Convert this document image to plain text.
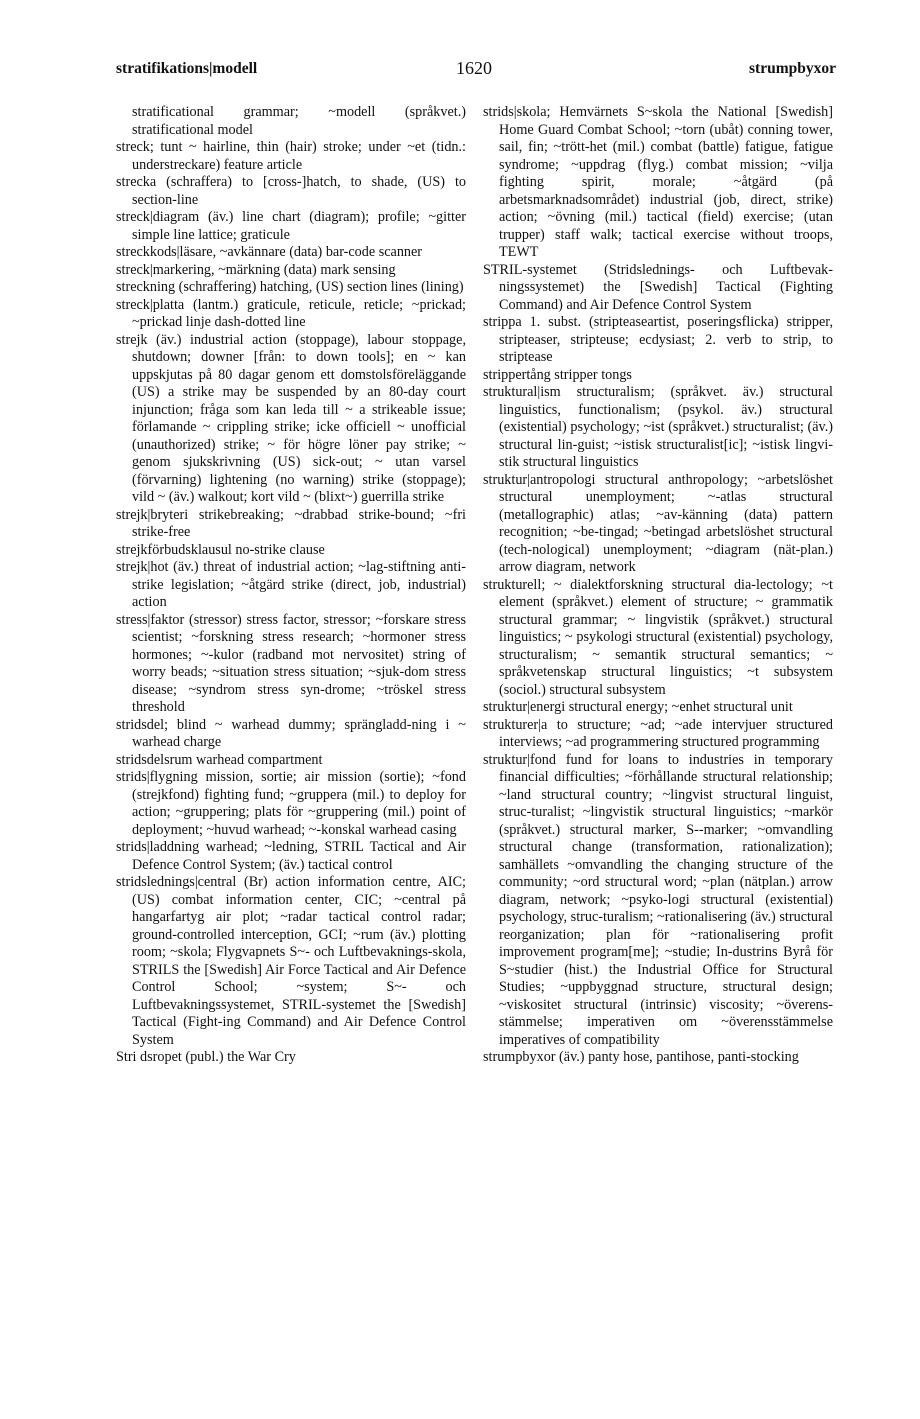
stratifikations|modell	1620	strumpbyxor

stratificational grammar; ~modell (språkvet.) stratificational model

streck; tunt ~ hairline, thin (hair) stroke; under ~et (tidn.: understreckare) feature article

strecka (schraffera) to [cross-]hatch, to shade, (US) to section-line

streck|diagram (äv.) line chart (diagram); profile; ~gitter simple line lattice; graticule

streckkods|läsare, ~avkännare (data) bar-code scanner

streck|markering, ~märkning (data) mark sensing

streckning (schraffering) hatching, (US) section lines (lining)

streck|platta (lantm.) graticule, reticule, reticle; ~prickad; ~prickad linje dash-dotted line

strejk (äv.) industrial action (stoppage), labour stoppage, shutdown; downer [från: to down tools]; en ~ kan uppskjutas på 80 dagar genom ett domstolsföreläggande (US) a strike may be suspended by an 80-day court injunction; fråga som kan leda till ~ a strikeable issue; förlamande ~ crippling strike; icke officiell ~ unofficial (unauthorized) strike; ~ för högre löner pay strike; ~ genom sjukskrivning (US) sick-out; ~ utan varsel (förvarning) lightening (no warning) strike (stoppage); vild ~ (äv.) walkout; kort vild ~ (blixt~) guerrilla strike

strejk|bryteri strikebreaking; ~drabbad strike-bound; ~fri strike-free

strejkförbudsklausul no-strike clause

strejk|hot (äv.) threat of industrial action; ~lag-stiftning anti-strike legislation; ~åtgärd strike (direct, job, industrial) action

stress|faktor (stressor) stress factor, stressor; ~forskare stress scientist; ~forskning stress research; ~hormoner stress hormones; ~-kulor (radband mot nervositet) string of worry beads; ~situation stress situation; ~sjuk-dom stress disease; ~syndrom stress syn-drome; ~tröskel stress threshold

stridsdel; blind ~ warhead dummy; sprängladd-ning i ~ warhead charge

stridsdelsrum warhead compartment

strids|flygning mission, sortie; air mission (sortie); ~fond (strejkfond) fighting fund; ~gruppera (mil.) to deploy for action; ~gruppering; plats för ~gruppering (mil.) point of deployment; ~huvud warhead; ~-konskal warhead casing

strids|laddning warhead; ~ledning, STRIL Tactical and Air Defence Control System; (äv.) tactical control

stridslednings|central (Br) action information centre, AIC; (US) combat information center, CIC; ~central på hangarfartyg air plot; ~radar tactical control radar; ground-controlled interception, GCI; ~rum (äv.) plotting room; ~skola; Flygvapnets S~- och Luftbevaknings-skola, STRILS the [Swedish] Air Force Tactical and Air Defence Control School; ~system; S~- och Luftbevakningssystemet, STRIL-systemet the [Swedish] Tactical (Fight-ing Command) and Air Defence Control System

Stri dsropet (publ.) the War Cry

strids|skola; Hemvärnets S~skola the National [Swedish] Home Guard Combat School; ~torn (ubåt) conning tower, sail, fin; ~trött-het (mil.) combat (battle) fatigue, fatigue syndrome; ~uppdrag (flyg.) combat mission; ~vilja fighting spirit, morale; ~åtgärd (på arbetsmarknadsområdet) industrial (job, direct, strike) action; ~övning (mil.) tactical (field) exercise; (utan trupper) staff walk; tactical exercise without troops, TEWT

STRIL-systemet (Stridslednings- och Luftbevak-ningssystemet) the [Swedish] Tactical (Fighting Command) and Air Defence Control System

strippa 1. subst. (stripteaseartist, poseringsflicka) stripper, stripteaser, stripteuse; ecdysiast; 2. verb to strip, to striptease

strippertång stripper tongs

struktural|ism structuralism; (språkvet. äv.) structural linguistics, functionalism; (psykol. äv.) structural (existential) psychology; ~ist (språkvet.) structuralist; (äv.) structural lin-guist; ~istisk structuralist[ic]; ~istisk lingvi-stik structural linguistics

struktur|antropologi structural anthropology; ~arbetslöshet structural unemployment; ~-atlas structural (metallographic) atlas; ~av-känning (data) pattern recognition; ~be-tingad; ~betingad arbetslöshet structural (tech-nological) unemployment; ~diagram (nät-plan.) arrow diagram, network

strukturell; ~ dialektforskning structural dia-lectology; ~t element (språkvet.) element of structure; ~ grammatik structural grammar; ~ lingvistik (språkvet.) structural linguistics; ~ psykologi structural (existential) psychology, structuralism; ~ semantik structural semantics; ~ språkvetenskap structural linguistics; ~t subsystem (sociol.) structural subsystem

struktur|energi structural energy; ~enhet structural unit

strukturer|a to structure; ~ad; ~ade intervjuer structured interviews; ~ad programmering structured programming

struktur|fond fund for loans to industries in temporary financial difficulties; ~förhållande structural relationship; ~land structural country; ~lingvist structural linguist, struc-turalist; ~lingvistik structural linguistics; ~markör (språkvet.) structural marker, S--marker; ~omvandling structural change (transformation, rationalization); samhällets ~omvandling the changing structure of the community; ~ord structural word; ~plan (nätplan.) arrow diagram, network; ~psyko-logi structural (existential) psychology, struc-turalism; ~rationalisering (äv.) structural reorganization; plan för ~rationalisering profit improvement program[me]; ~studie; In-dustrins Byrå för S~studier (hist.) the Industrial Office for Structural Studies; ~uppbyggnad structure, structural design; ~viskositet structural (intrinsic) viscosity; ~överens-stämmelse; imperativen om ~överensstämmelse imperatives of compatibility

strumpbyxor (äv.) panty hose, pantihose, panti-stocking
